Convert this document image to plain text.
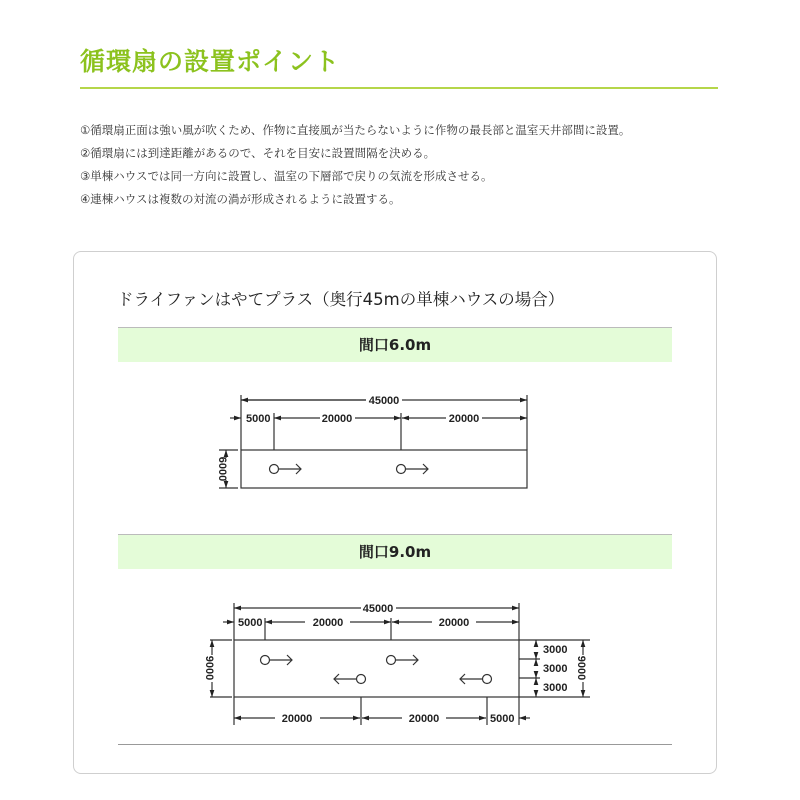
循環扇の設置ポイント
①循環扇正面は強い風が吹くため、作物に直接風が当たらないように作物の最長部と温室天井部間に設置。
②循環扇には到達距離があるので、それを目安に設置間隔を決める。
③単棟ハウスでは同一方向に設置し、温室の下層部で戻りの気流を形成させる。
④連棟ハウスは複数の対流の渦が形成されるように設置する。
ドライファンはやてプラス（奥行45mの単棟ハウスの場合）
間口6.0m
間口9.0m
45000
5000	20000	20000
6000
45000
5000	20000	20000
9000	9000
3000
3000
3000
20000	20000	5000
